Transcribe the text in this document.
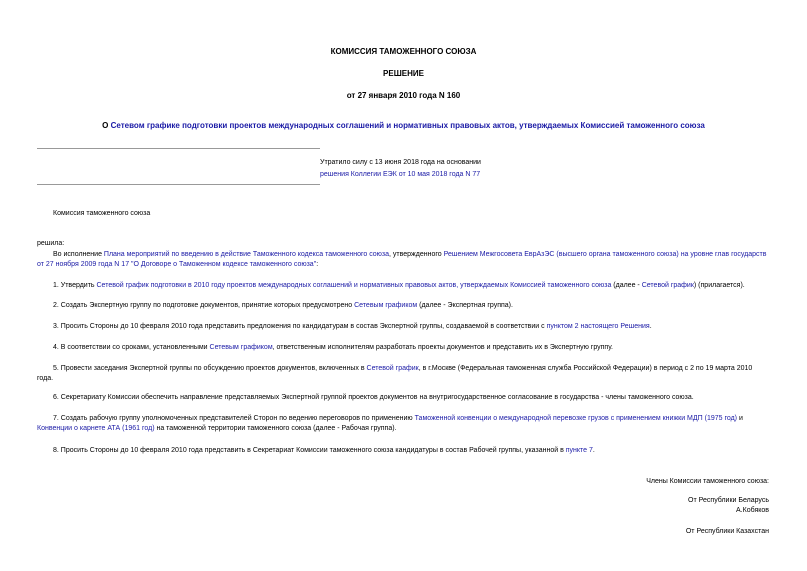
КОМИССИЯ ТАМОЖЕННОГО СОЮЗА
РЕШЕНИЕ
от 27 января 2010 года N 160
О Сетевом графике подготовки проектов международных соглашений и нормативных правовых актов, утверждаемых Комиссией таможенного союза
Утратило силу с 13 июня 2018 года на основании
решения Коллегии ЕЭК от 10 мая 2018 года N 77
Комиссия таможенного союза
решила:
Во исполнение Плана мероприятий по введению в действие Таможенного кодекса таможенного союза, утвержденного Решением Межгосовета ЕврАзЭС (высшего органа таможенного союза) на уровне глав государств от 27 ноября 2009 года N 17 "О Договоре о Таможенном кодексе таможенного союза":
1. Утвердить Сетевой график подготовки в 2010 году проектов международных соглашений и нормативных правовых актов, утверждаемых Комиссией таможенного союза (далее - Сетевой график) (прилагается).
2. Создать Экспертную группу по подготовке документов, принятие которых предусмотрено Сетевым графиком (далее - Экспертная группа).
3. Просить Стороны до 10 февраля 2010 года представить предложения по кандидатурам в состав Экспертной группы, создаваемой в соответствии с пунктом 2 настоящего Решения.
4. В соответствии со сроками, установленными Сетевым графиком, ответственным исполнителям разработать проекты документов и представить их в Экспертную группу.
5. Провести заседания Экспертной группы по обсуждению проектов документов, включенных в Сетевой график, в г.Москве (Федеральная таможенная служба Российской Федерации) в период с 2 по 19 марта 2010 года.
6. Секретариату Комиссии обеспечить направление представляемых Экспертной группой проектов документов на внутригосударственное согласование в государства - члены таможенного союза.
7. Создать рабочую группу уполномоченных представителей Сторон по ведению переговоров по применению Таможенной конвенции о международной перевозке грузов с применением книжки МДП (1975 год) и Конвенции о карнете АТА (1961 год) на таможенной территории таможенного союза (далее - Рабочая группа).
8. Просить Стороны до 10 февраля 2010 года представить в Секретариат Комиссии таможенного союза кандидатуры в состав Рабочей группы, указанной в пункте 7.
Члены Комиссии таможенного союза:
От Республики Беларусь
А.Кобяков
От Республики Казахстан
